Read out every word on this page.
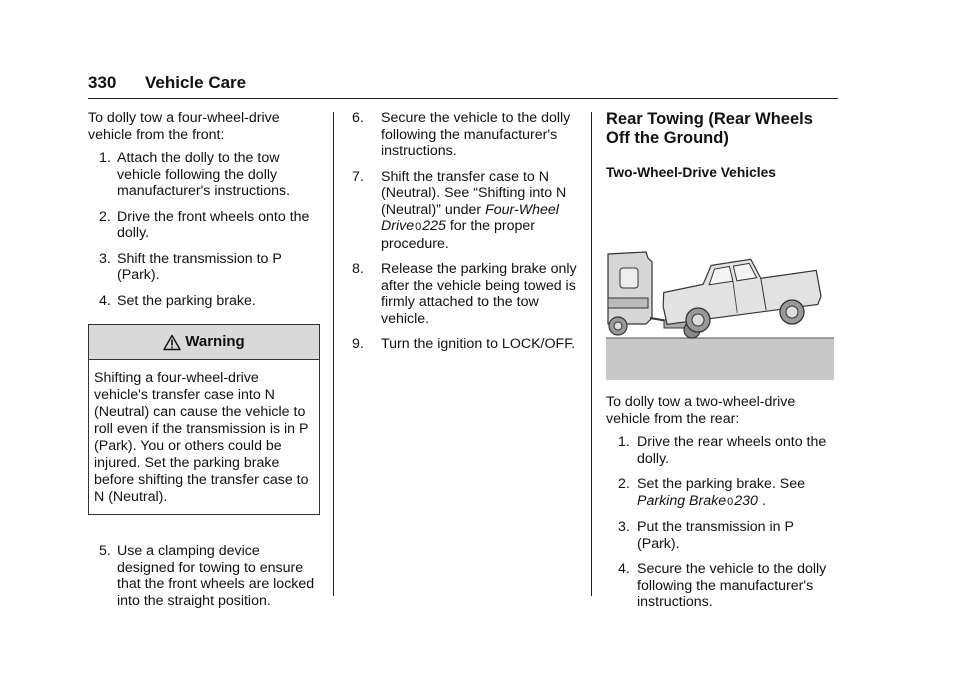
330 Vehicle Care

To dolly tow a four-wheel-drive vehicle from the front:

1. Attach the dolly to the tow vehicle following the dolly manufacturer's instructions.
2. Drive the front wheels onto the dolly.
3. Shift the transmission to P (Park).
4. Set the parking brake.
Warning
Shifting a four-wheel-drive vehicle's transfer case into N (Neutral) can cause the vehicle to roll even if the transmission is in P (Park). You or others could be injured. Set the parking brake before shifting the transfer case to N (Neutral).
5. Use a clamping device designed for towing to ensure that the front wheels are locked into the straight position.
6. Secure the vehicle to the dolly following the manufacturer's instructions.
7. Shift the transfer case to N (Neutral). See “Shifting into N (Neutral)” under Four-Wheel Drive0225 for the proper procedure.
8. Release the parking brake only after the vehicle being towed is firmly attached to the tow vehicle.
9. Turn the ignition to LOCK/OFF.
Rear Towing (Rear Wheels Off the Ground)

Two-Wheel-Drive Vehicles

To dolly tow a two-wheel-drive vehicle from the rear:

1. Drive the rear wheels onto the dolly.
2. Set the parking brake. See Parking Brake0230 .
3. Put the transmission in P (Park).
4. Secure the vehicle to the dolly following the manufacturer's instructions.
